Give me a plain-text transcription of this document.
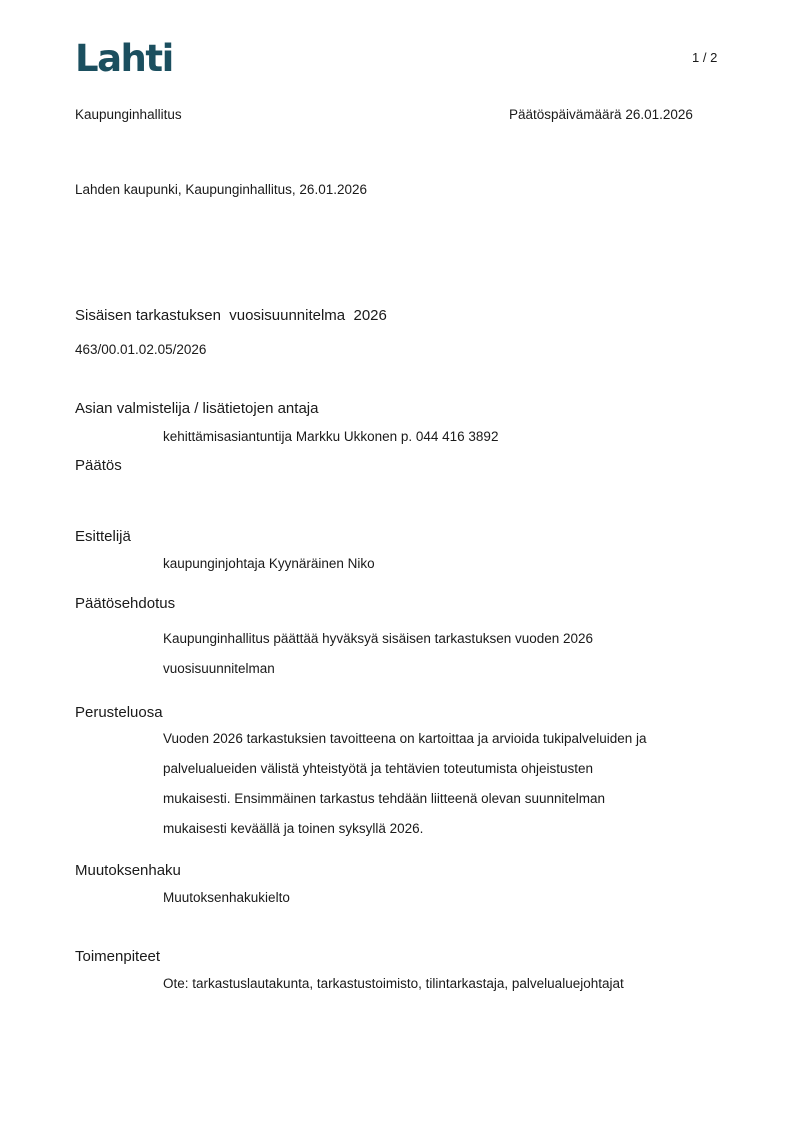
Lahti	1 / 2
Kaupunginhallitus	Päätöspäivämäärä 26.01.2026
Lahden kaupunki, Kaupunginhallitus, 26.01.2026
Sisäisen tarkastuksen  vuosisuunnitelma  2026
463/00.01.02.05/2026
Asian valmistelija / lisätietojen antaja
kehittämisasiantuntija Markku Ukkonen p. 044 416 3892
Päätös
Esittelijä
kaupunginjohtaja Kyynäräinen Niko
Päätösehdotus
Kaupunginhallitus päättää hyväksyä sisäisen tarkastuksen vuoden 2026
vuosisuunnitelman
Perusteluosa
Vuoden 2026 tarkastuksien tavoitteena on kartoittaa ja arvioida tukipalveluiden ja
palvelualueiden välistä yhteistyötä ja tehtävien toteutumista ohjeistusten
mukaisesti. Ensimmäinen tarkastus tehdään liitteenä olevan suunnitelman
mukaisesti keväällä ja toinen syksyllä 2026.
Muutoksenhaku
Muutoksenhakukielto
Toimenpiteet
Ote: tarkastuslautakunta, tarkastustoimisto, tilintarkastaja, palvelualuejohtajat
